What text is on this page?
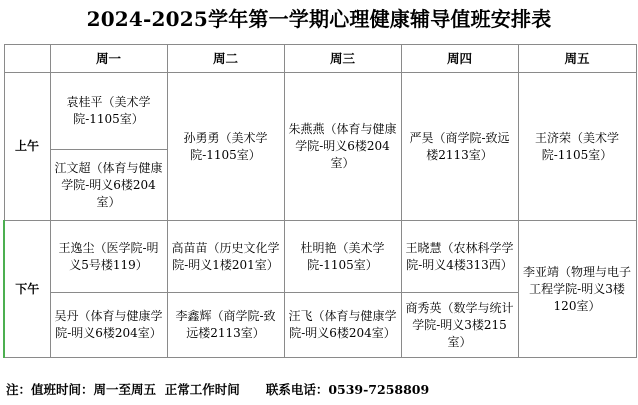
2024-2025学年第一学期心理健康辅导值班安排表
	周一	周二	周三	周四	周五
上午	袁桂平（美术学院-1105室）	孙勇勇（美术学院-1105室）	朱燕燕（体育与健康学院-明义6楼204室）	严昊（商学院-致远楼2113室）	王济荣（美术学院-1105室）
	江文超（体育与健康学院-明义6楼204室）				
下午	王逸尘（医学院-明义5号楼119）	高苗苗（历史文化学院-明义1楼201室）	杜明艳（美术学院-1105室）	王晓慧（农林科学学院-明义4楼313西）	李亚靖（物理与电子工程学院-明义3楼120室）
	吴丹（体育与健康学院-明义6楼204室）	李鑫辉（商学院-致远楼2113室）	汪飞（体育与健康学院-明义6楼204室）	商秀英（数学与统计学院-明义3楼215室）	
注：值班时间：周一至周五  正常工作时间      联系电话：0539-7258809
